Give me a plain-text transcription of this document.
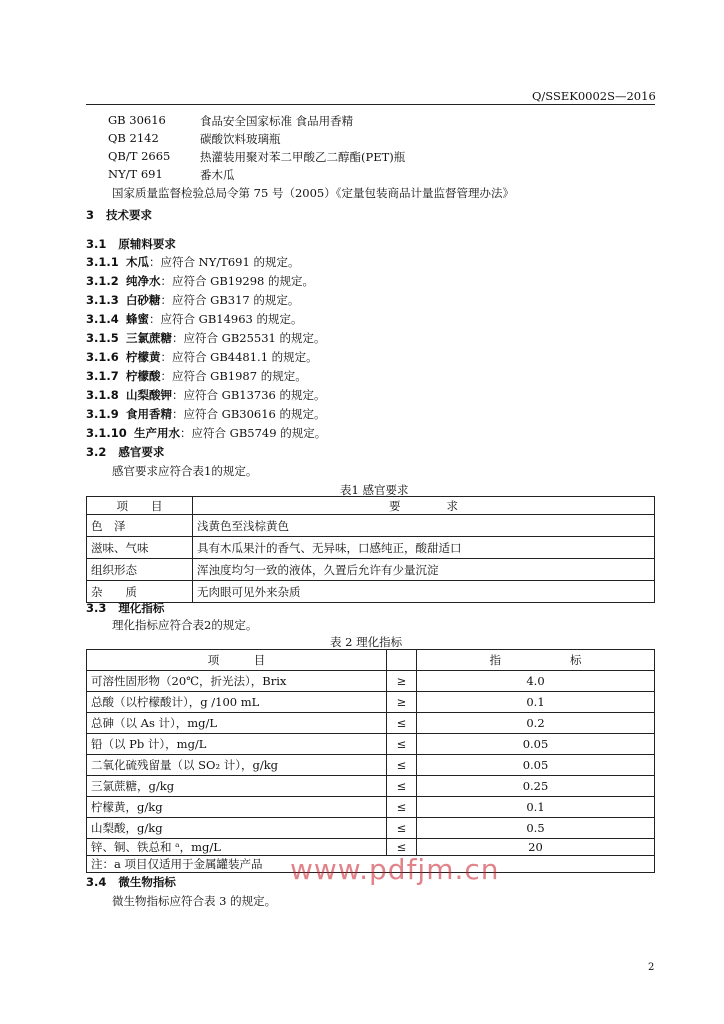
Q/SSEK0002S—2016
GB 30616	食品安全国家标准 食品用香精
QB 2142	碳酸饮料玻璃瓶
QB/T 2665	热灌装用聚对苯二甲酸乙二醇酯(PET)瓶
NY/T 691	番木瓜
国家质量监督检验总局令第 75 号（2005）《定量包装商品计量监督管理办法》
3 技术要求
3.1 原辅料要求
3.1.1 木瓜：应符合 NY/T691 的规定。
3.1.2 纯净水：应符合 GB19298 的规定。
3.1.3 白砂糖：应符合 GB317 的规定。
3.1.4 蜂蜜：应符合 GB14963 的规定。
3.1.5 三氯蔗糖：应符合 GB25531 的规定。
3.1.6 柠檬黄：应符合 GB4481.1 的规定。
3.1.7 柠檬酸：应符合 GB1987 的规定。
3.1.8 山梨酸钾：应符合 GB13736 的规定。
3.1.9 食用香精：应符合 GB30616 的规定。
3.1.10 生产用水：应符合 GB5749 的规定。
3.2 感官要求
感官要求应符合表1的规定。
表1 感官要求
项　　目	要　　　　求
色　泽	浅黄色至浅棕黄色
滋味、气味	具有木瓜果汁的香气、无异味，口感纯正，酸甜适口
组织形态	浑浊度均匀一致的液体，久置后允许有少量沉淀
杂　　质	无肉眼可见外来杂质
3.3 理化指标
理化指标应符合表2的规定。
表 2 理化指标
项　　　目		指　　　　　　标
可溶性固形物（20℃，折光法），Brix	≥	4.0
总酸（以柠檬酸计），g /100 mL	≥	0.1
总砷（以 As 计），mg/L	≤	0.2
铅（以 Pb 计），mg/L	≤	0.05
二氧化硫残留量（以 SO₂ 计），g/kg	≤	0.05
三氯蔗糖，g/kg	≤	0.25
柠檬黄，g/kg	≤	0.1
山梨酸，g/kg	≤	0.5
锌、铜、铁总和 ᵃ，mg/L	≤	20
注：a 项目仅适用于金属罐装产品		
3.4 微生物指标
微生物指标应符合表 3 的规定。
www.pdfjm.cn
2
